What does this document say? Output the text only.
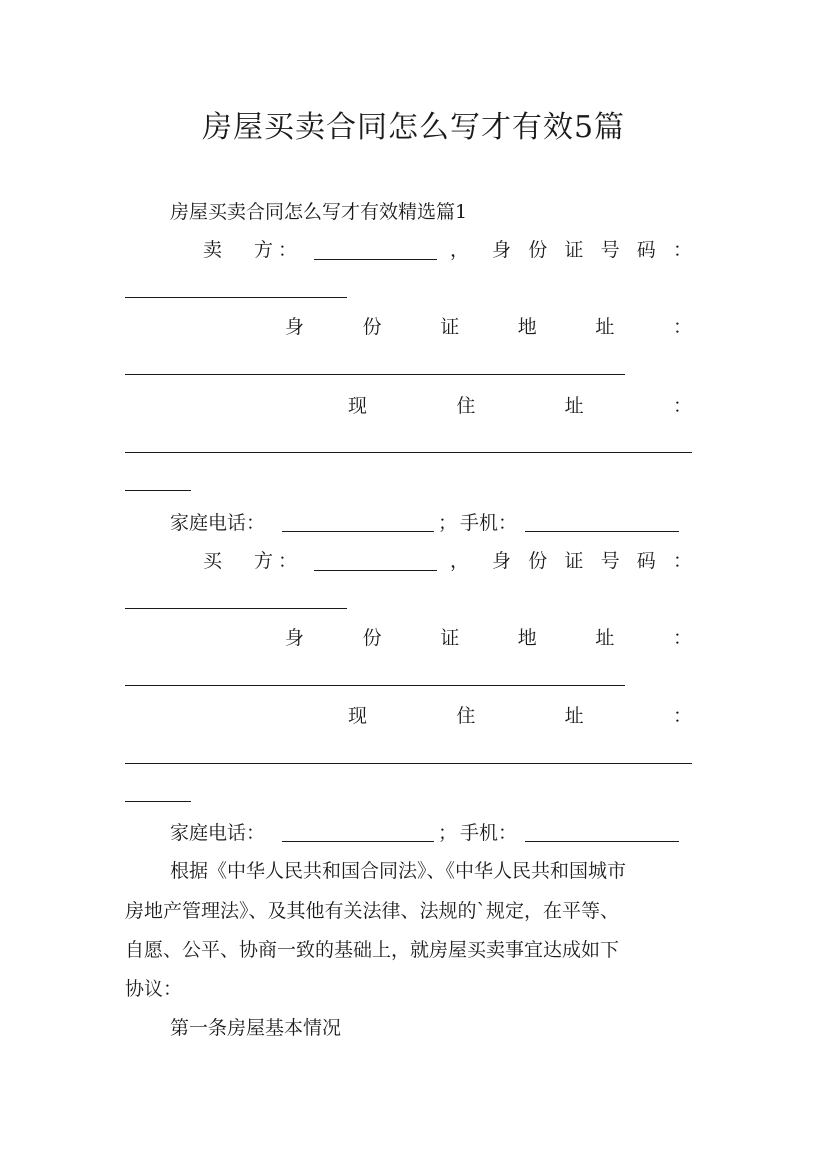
房屋买卖合同怎么写才有效5篇
房屋买卖合同怎么写才有效精选篇1
卖 方 ：	， 身 份 证 号 码 ：
身	份	证	地	址	：
现	住	址	：
家庭电话：	； 手机：
买 方 ：	， 身 份 证 号 码 ：
身	份	证	地	址	：
现	住	址	：
家庭电话：	； 手机：
根据《中华人民共和国合同法》、《中华人民共和国城市
房地产管理法》、及其他有关法律、法规的`规定，在平等、
自愿、公平、协商一致的基础上，就房屋买卖事宜达成如下
协议：
第一条房屋基本情况
